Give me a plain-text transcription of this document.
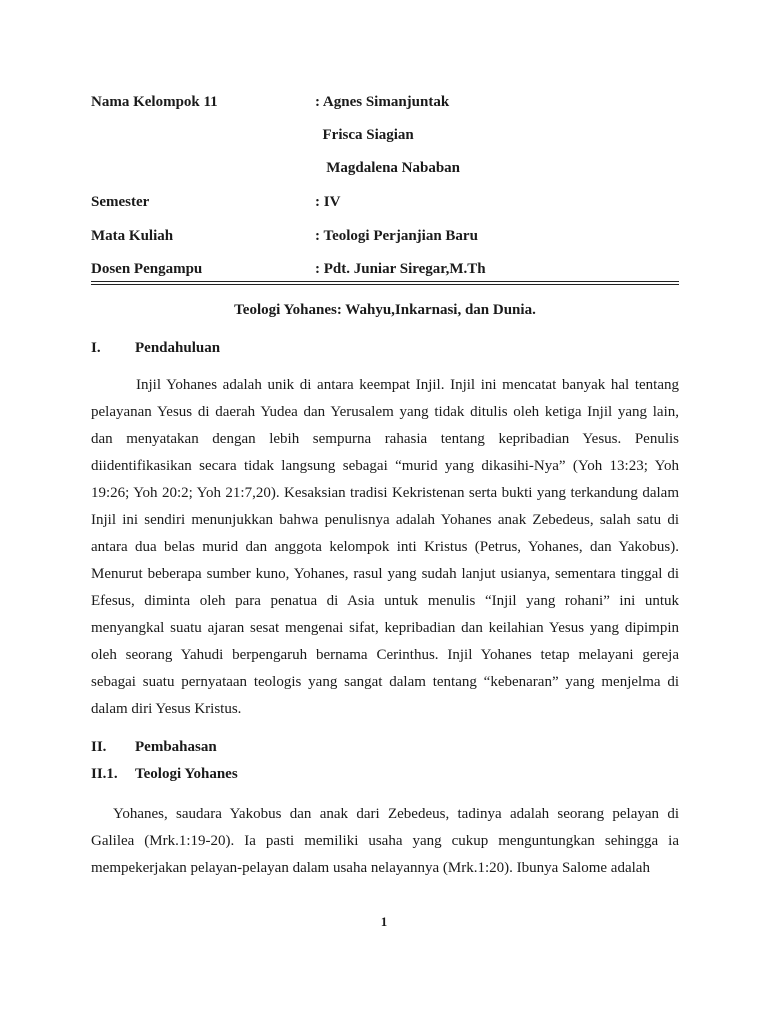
Nama Kelompok 11	: Agnes Simanjuntak
Frisca Siagian
Magdalena Nababan
Semester	: IV
Mata Kuliah	: Teologi Perjanjian Baru
Dosen Pengampu	: Pdt. Juniar Siregar,M.Th
Teologi Yohanes: Wahyu,Inkarnasi, dan Dunia.
I. Pendahuluan
Injil Yohanes adalah unik di antara keempat Injil. Injil ini mencatat banyak hal tentang
pelayanan Yesus di daerah Yudea dan Yerusalem yang tidak ditulis oleh ketiga Injil yang lain,
dan menyatakan dengan lebih sempurna rahasia tentang kepribadian Yesus. Penulis
diidentifikasikan secara tidak langsung sebagai “murid yang dikasihi-Nya” (Yoh 13:23; Yoh
19:26; Yoh 20:2; Yoh 21:7,20). Kesaksian tradisi Kekristenan serta bukti yang terkandung dalam
Injil ini sendiri menunjukkan bahwa penulisnya adalah Yohanes anak Zebedeus, salah satu di
antara dua belas murid dan anggota kelompok inti Kristus (Petrus, Yohanes, dan Yakobus).
Menurut beberapa sumber kuno, Yohanes, rasul yang sudah lanjut usianya, sementara tinggal di
Efesus, diminta oleh para penatua di Asia untuk menulis “Injil yang rohani” ini untuk
menyangkal suatu ajaran sesat mengenai sifat, kepribadian dan keilahian Yesus yang dipimpin
oleh seorang Yahudi berpengaruh bernama Cerinthus. Injil Yohanes tetap melayani gereja
sebagai suatu pernyataan teologis yang sangat dalam tentang “kebenaran” yang menjelma di
dalam diri Yesus Kristus.
II. Pembahasan
II.1. Teologi Yohanes
Yohanes, saudara Yakobus dan anak dari Zebedeus, tadinya adalah seorang pelayan di
Galilea (Mrk.1:19-20). Ia pasti memiliki usaha yang cukup menguntungkan sehingga ia
mempekerjakan pelayan-pelayan dalam usaha nelayannya (Mrk.1:20). Ibunya Salome adalah
1
